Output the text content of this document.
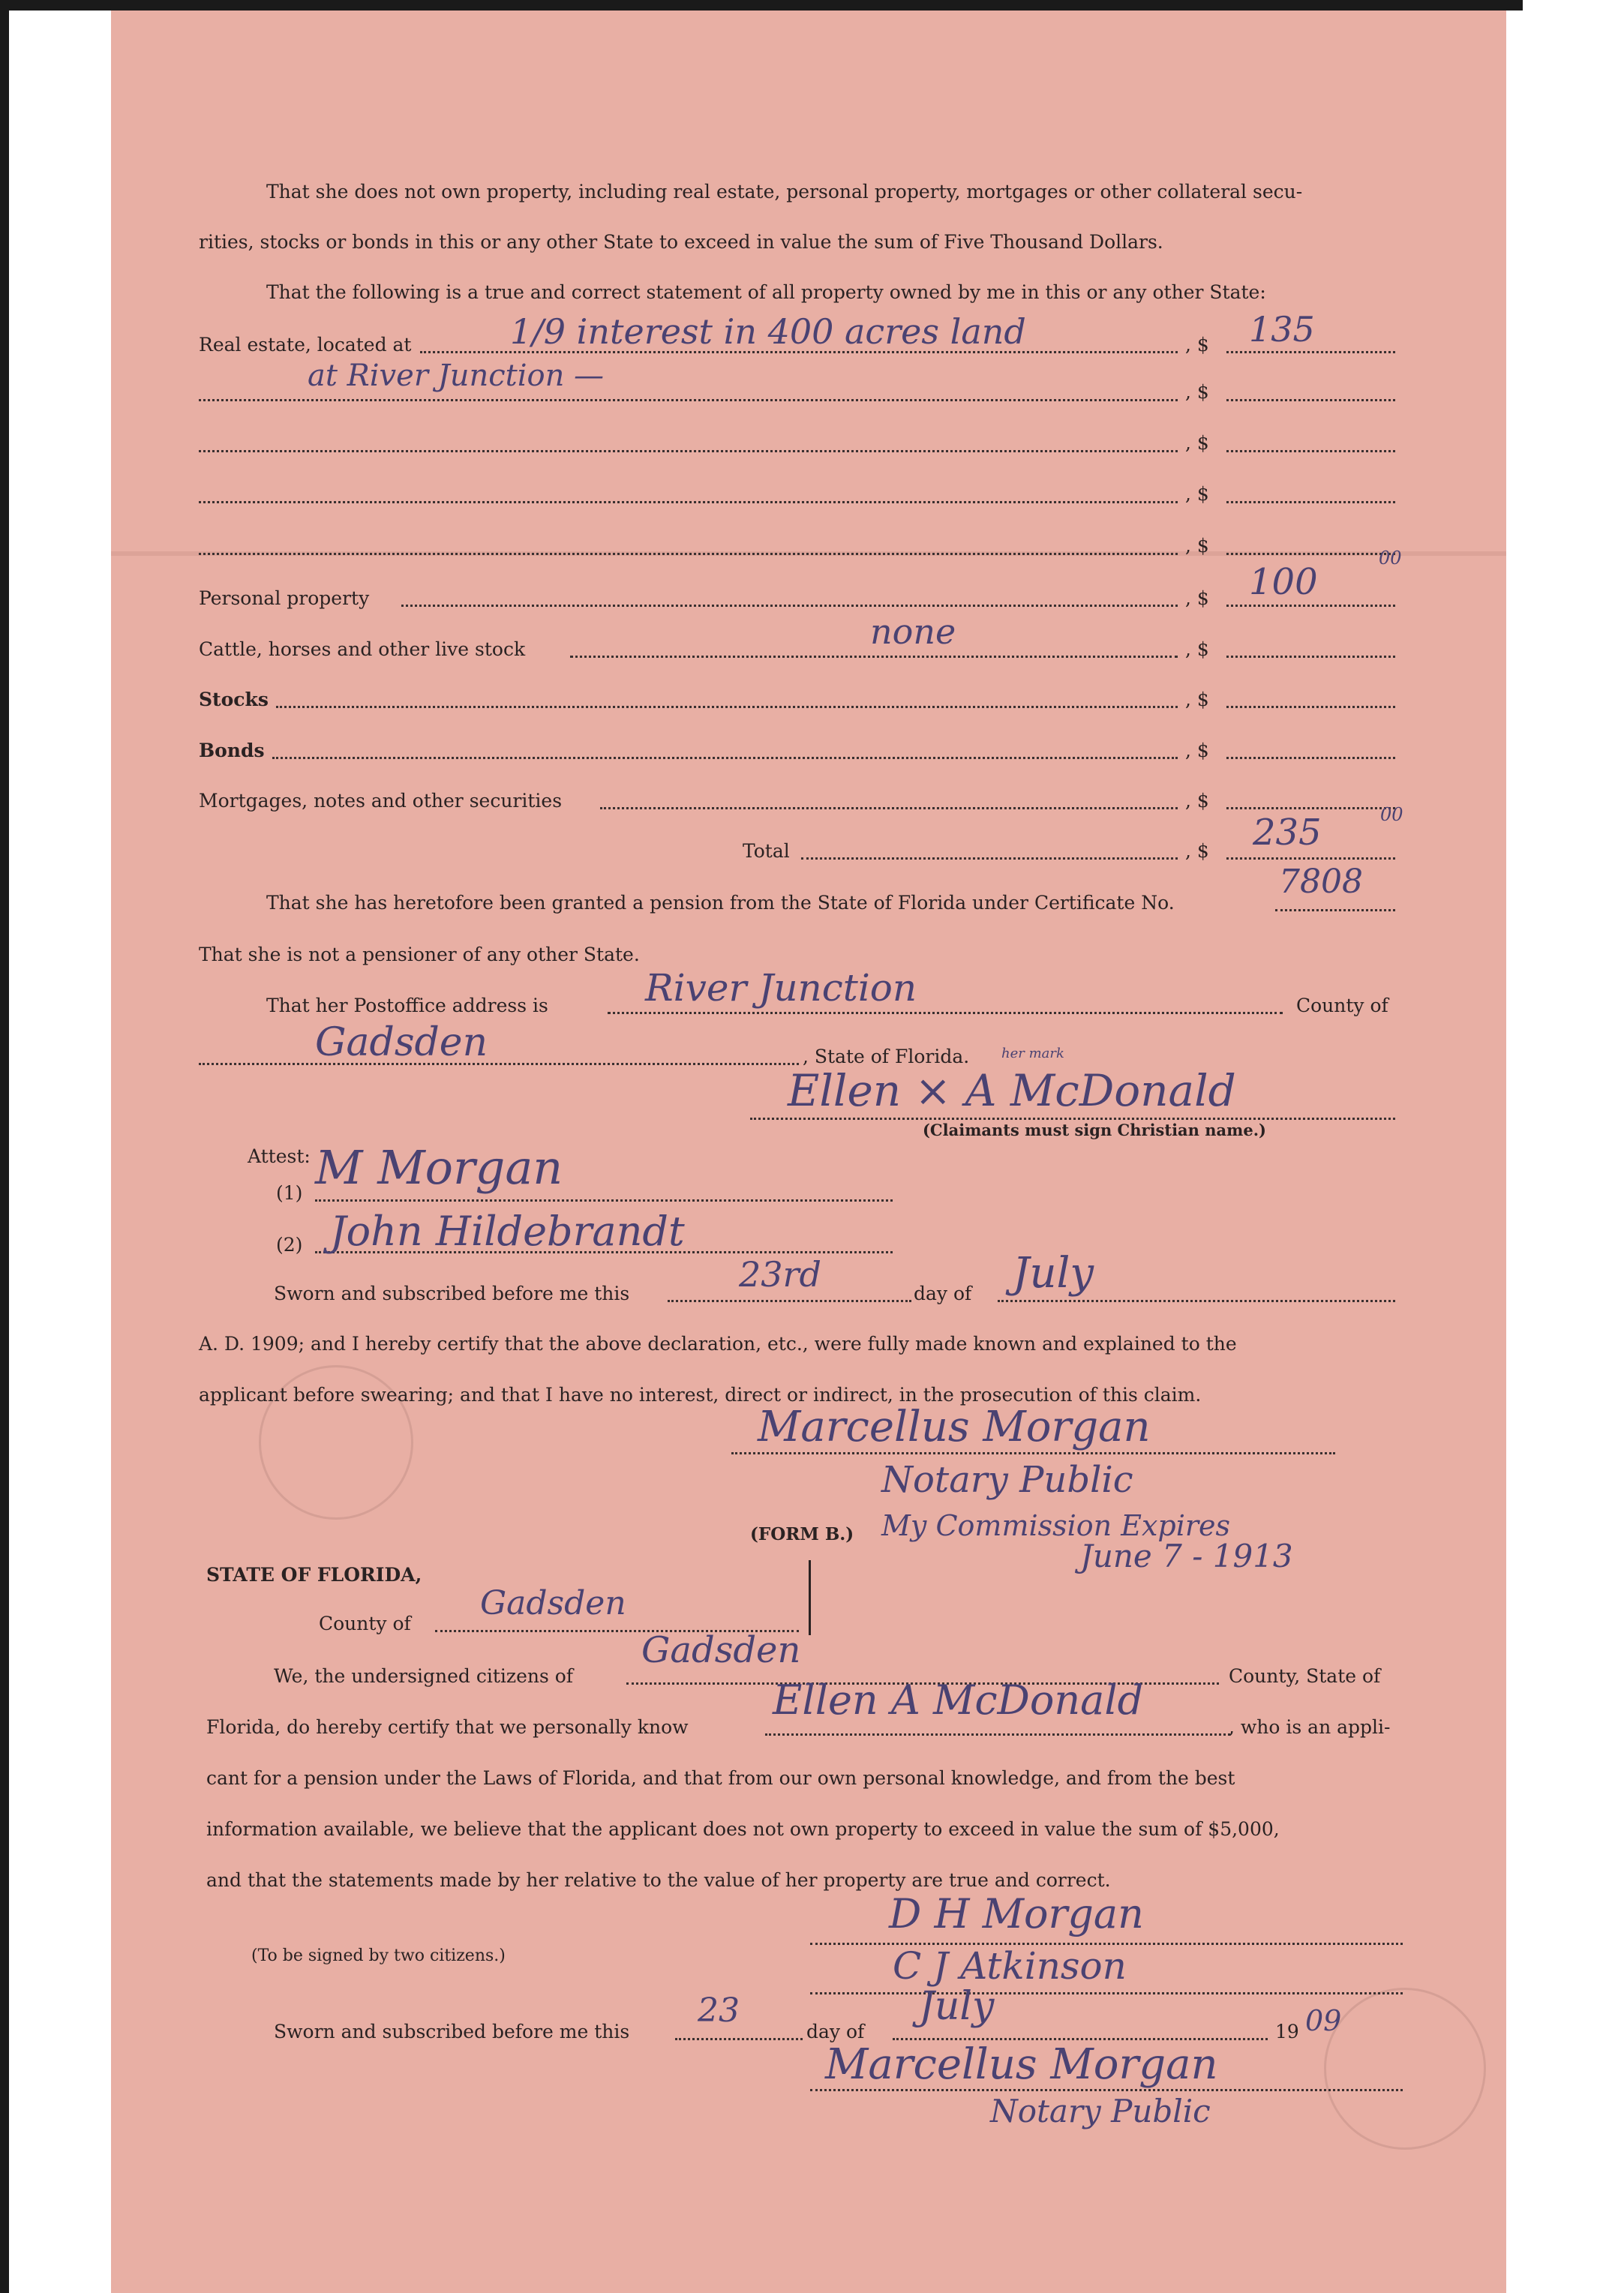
That she does not own property, including real estate, personal property, mortgages or other collateral secu-
rities, stocks or bonds in this or any other State to exceed in value the sum of Five Thousand Dollars.
That the following is a true and correct statement of all property owned by me in this or any other State:
Real estate, located at	1/9 interest in 400 acres land	, $ 135
at River Junction —	, $
, $
, $
, $
Personal property	, $ 100
00
Cattle, horses and other live stock	none	, $
Stocks	, $
Bonds	, $
Mortgages, notes and other securities	, $
Total	, $ 235	00
That she has heretofore been granted a pension from the State of Florida under Certificate No.
7808
That she is not a pensioner of any other State.
That her Postoffice address is	River Junction	County of
Gadsden	, State of Florida. her mark
Ellen × A McDonald
(Claimants must sign Christian name.)
Attest: M Morgan
(1)
(2) John Hildebrandt
Sworn and subscribed before me this	23rd	day of July
A. D. 1909; and I hereby certify that the above declaration, etc., were fully made known and explained to the
applicant before swearing; and that I have no interest, direct or indirect, in the prosecution of this claim.
Marcellus Morgan
Notary Public
My Commission Expires
June 7 - 1913
(FORM B.)
STATE OF FLORIDA,
County of
Gadsden
We, the undersigned citizens of
Gadsden
County, State of
Florida, do hereby certify that we personally know
Ellen A McDonald
, who is an appli-
cant for a pension under the Laws of Florida, and that from our own personal knowledge, and from the best
information available, we believe that the applicant does not own property to exceed in value the sum of $5,000,
and that the statements made by her relative to the value of her property are true and correct.
D H Morgan
(To be signed by two citizens.)	C J Atkinson
Sworn and subscribed before me this
23
day of
July
19 09
Marcellus Morgan
Notary Public
